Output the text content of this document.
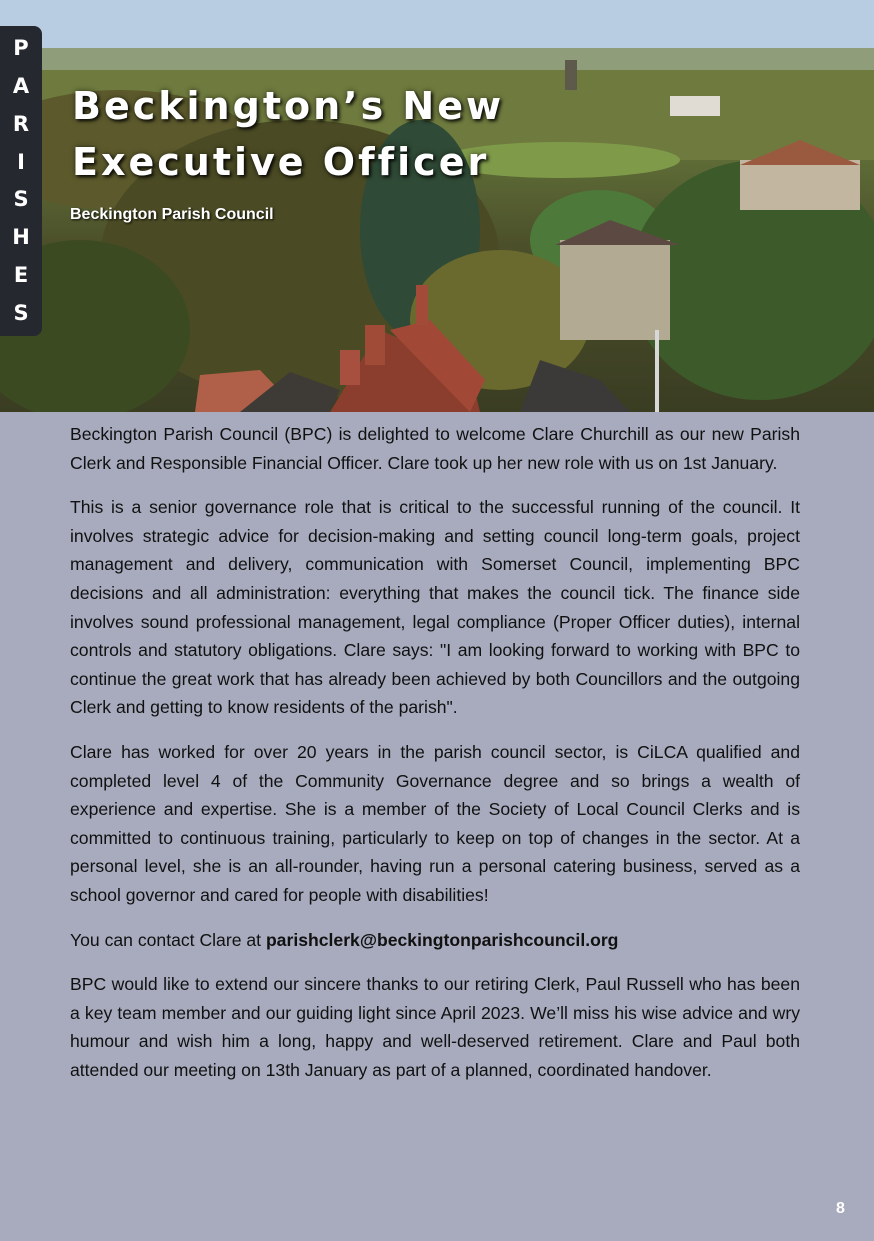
P
A
R
I
S
H
E
S
Beckington’s New
Executive Officer

Beckington Parish Council

Beckington Parish Council (BPC) is delighted to welcome Clare Churchill as our new Parish Clerk and Responsible Financial Officer. Clare took up her new role with us on 1st January.

This is a senior governance role that is critical to the successful running of the council. It involves strategic advice for decision-making and setting council long-term goals, project management and delivery, communication with Somerset Council, implementing BPC decisions and all administration: everything that makes the council tick. The finance side involves sound professional management, legal compliance (Proper Officer duties), internal controls and statutory obligations. Clare says: "I am looking forward to working with BPC to continue the great work that has already been achieved by both Councillors and the outgoing Clerk and getting to know residents of the parish".

Clare has worked for over 20 years in the parish council sector, is CiLCA qualified and completed level 4 of the Community Governance degree and so brings a wealth of experience and expertise. She is a member of the Society of Local Council Clerks and is committed to continuous training, particularly to keep on top of changes in the sector. At a personal level, she is an all-rounder, having run a personal catering business, served as a school governor and cared for people with disabilities!

You can contact Clare at parishclerk@beckingtonparishcouncil.org

BPC would like to extend our sincere thanks to our retiring Clerk, Paul Russell who has been a key team member and our guiding light since April 2023. We’ll miss his wise advice and wry humour and wish him a long, happy and well-deserved retirement. Clare and Paul both attended our meeting on 13th January as part of a planned, coordinated handover.

8
